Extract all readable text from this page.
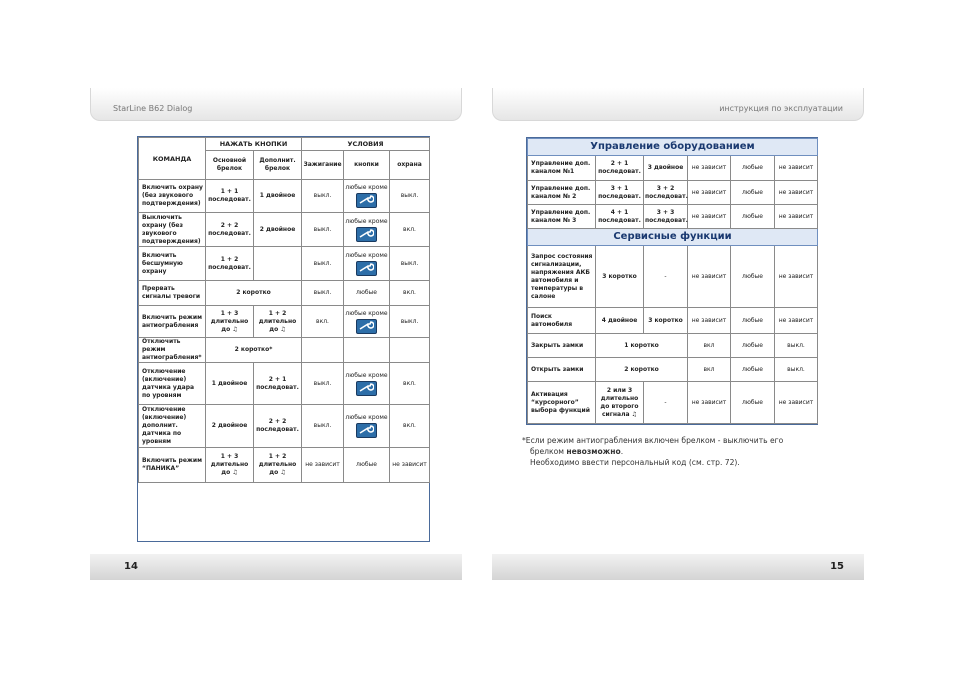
StarLine B62 Dialog
14
КОМАНДА	НАЖАТЬ КНОПКИ		УСЛОВИЯ		
	Основной брелок	Дополнит. брелок	Зажигание	кнопки	охрана
Включить охрану (без звукового подтверждения)	1 + 1 последоват.	1 двойное	выкл.	любые кроме	выкл.
Выключить охрану (без звукового подтверждения)	2 + 2 последоват.	2 двойное	выкл.	любые кроме	вкл.
Включить бесшумную охрану	1 + 2 последоват.		выкл.	любые кроме	выкл.
Прервать сигналы тревоги	2 коротко		выкл.	любые	вкл.
Включить режим антиограбления	1 + 3 длительно до ♫	1 + 2 длительно до ♫	вкл.	любые кроме	выкл.
Отключить режим антиограбления*	2 коротко*				
Отключение (включение) датчика удара по уровням	1 двойное	2 + 1 последоват.	выкл.	любые кроме	вкл.
Отключение (включение) дополнит. датчика по уровням	2 двойное	2 + 2 последоват.	выкл.	любые кроме	вкл.
Включить режим “ПАНИКА”	1 + 3 длительно до ♫	1 + 2 длительно до ♫	не зависит	любые	не зависит
инструкция по эксплуатации
15
Управление оборудованием					
Управление доп. каналом №1	2 + 1 последоват.	3 двойное	не зависит	любые	не зависит
Управление доп. каналом № 2	3 + 1 последоват.	3 + 2 последоват.	не зависит	любые	не зависит
Управление доп. каналом № 3	4 + 1 последоват.	3 + 3 последоват.	не зависит	любые	не зависит
Сервисные функции					
Запрос состояния сигнализации, напряжения АКБ автомобиля и температуры в салоне	3 коротко	-	не зависит	любые	не зависит
Поиск автомобиля	4 двойное	3 коротко	не зависит	любые	не зависит
Закрыть замки	1 коротко		вкл	любые	выкл.
Открыть замки	2 коротко		вкл	любые	выкл.
Активация “курсорного” выбора функций	2 или 3 длительно до второго сигнала ♫	-	не зависит	любые	не зависит
*Если режим антиограбления включен брелком - выключить его
брелком невозможно.
Необходимо ввести персональный код (см. стр. 72).
